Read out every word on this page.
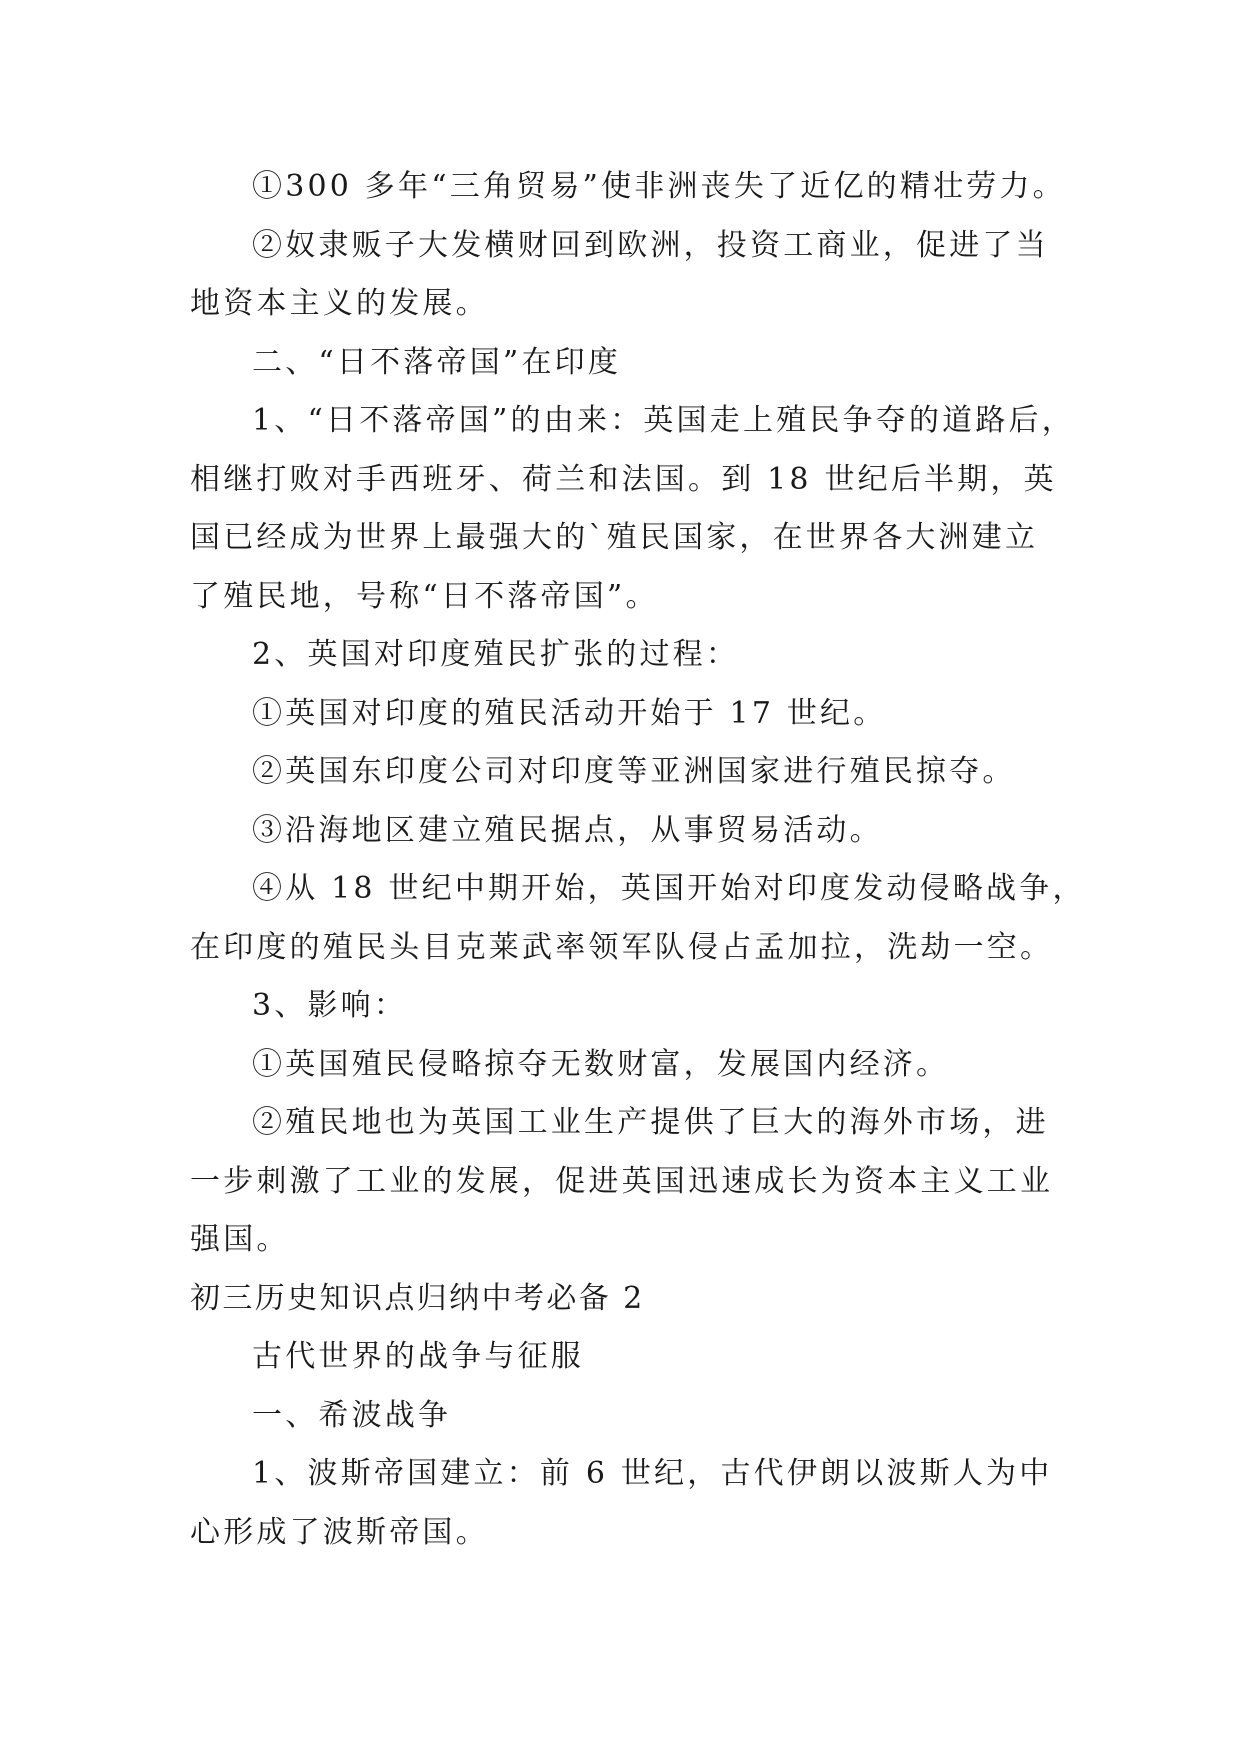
①300 多年“三角贸易”使非洲丧失了近亿的精壮劳力。
②奴隶贩子大发横财回到欧洲，投资工商业，促进了当
地资本主义的发展。
二、“日不落帝国”在印度
1、“日不落帝国”的由来：英国走上殖民争夺的道路后，
相继打败对手西班牙、荷兰和法国。到 18 世纪后半期，英
国已经成为世界上最强大的`殖民国家，在世界各大洲建立
了殖民地，号称“日不落帝国”。
2、英国对印度殖民扩张的过程：
①英国对印度的殖民活动开始于 17 世纪。
②英国东印度公司对印度等亚洲国家进行殖民掠夺。
③沿海地区建立殖民据点，从事贸易活动。
④从 18 世纪中期开始，英国开始对印度发动侵略战争，
在印度的殖民头目克莱武率领军队侵占孟加拉，洗劫一空。
3、影响：
①英国殖民侵略掠夺无数财富，发展国内经济。
②殖民地也为英国工业生产提供了巨大的海外市场，进
一步刺激了工业的发展，促进英国迅速成长为资本主义工业
强国。
初三历史知识点归纳中考必备 2
古代世界的战争与征服
一、希波战争
1、波斯帝国建立：前 6 世纪，古代伊朗以波斯人为中
心形成了波斯帝国。
